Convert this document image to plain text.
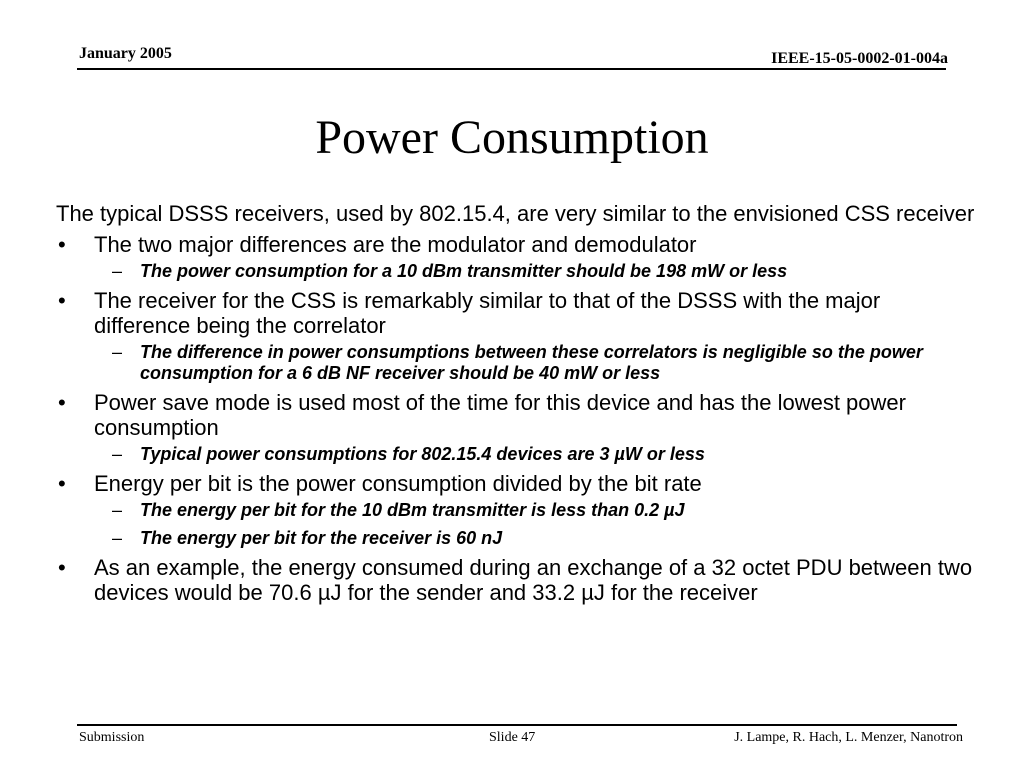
January 2005	IEEE-15-05-0002-01-004a
Power Consumption
The typical DSSS receivers, used by 802.15.4, are very similar to the envisioned CSS receiver
• The two major differences are the modulator and demodulator
– The power consumption for a 10 dBm transmitter should be 198 mW or less
• The receiver for the CSS is remarkably similar to that of the DSSS with the major difference being the correlator
– The difference in power consumptions between these correlators is negligible so the power consumption for a 6 dB NF receiver should be 40 mW or less
• Power save mode is used most of the time for this device and has the lowest power consumption
– Typical power consumptions for 802.15.4 devices are 3 µW or less
• Energy per bit is the power consumption divided by the bit rate
– The energy per bit for the 10 dBm transmitter is less than 0.2 µJ
– The energy per bit for the receiver is 60 nJ
• As an example, the energy consumed during an exchange of a 32 octet PDU between two devices would be 70.6 µJ for the sender and 33.2 µJ for the receiver
Submission	Slide 47	J. Lampe, R. Hach, L. Menzer, Nanotron
